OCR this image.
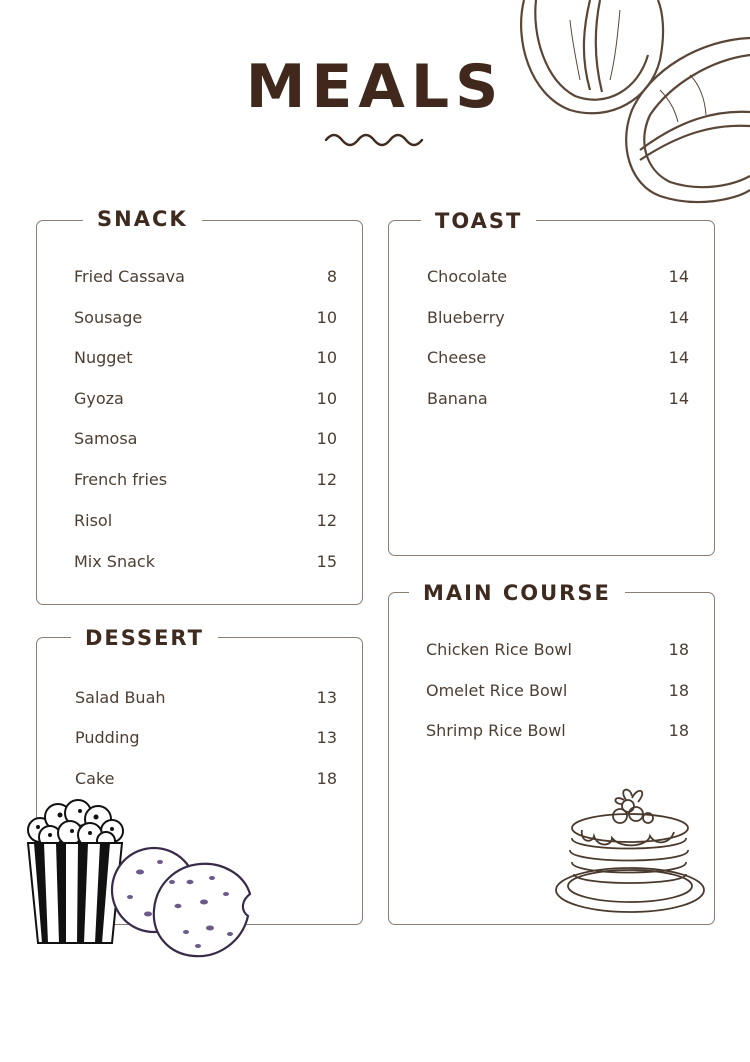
MEALS
SNACK
Fried Cassava	8
Sousage	10
Nugget	10
Gyoza	10
Samosa	10
French fries	12
Risol	12
Mix Snack	15
TOAST
Chocolate	14
Blueberry	14
Cheese	14
Banana	14
DESSERT
Salad Buah	13
Pudding	13
Cake	18
MAIN COURSE
Chicken Rice Bowl	18
Omelet Rice Bowl	18
Shrimp Rice Bowl	18
